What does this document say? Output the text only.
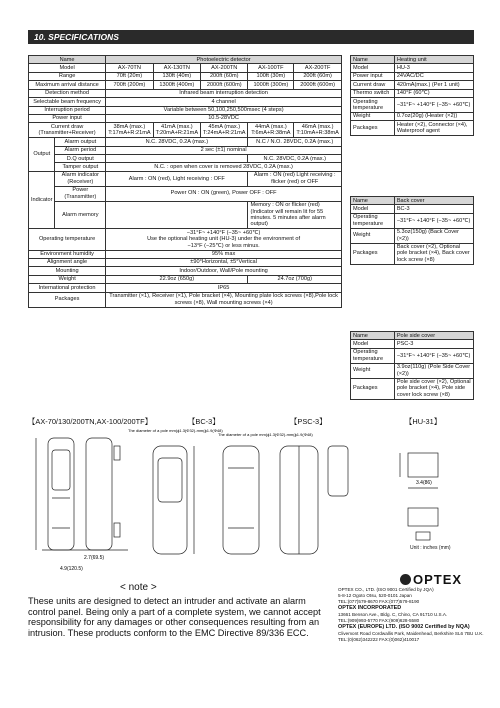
10. SPECIFICATIONS
Name		Photoelectric detector				
Model		AX-70TN	AX-130TN	AX-200TN	AX-100TF	AX-200TF
Range		70ft (20m)	130ft (40m)	200ft (60m)	100ft (30m)	200ft (60m)
Maximum arrival distance		700ft (200m)	1300ft (400m)	2000ft (600m)	1000ft (300m)	2000ft (600m)
Detection method		Infrared beam interruption detection				
Selectable beam frequency		4 channel				
Interruption period		Variable between 50,100,250,500msec (4 steps)				
Power input		10.5-28VDC				
Current draw (Transmitter+Receiver)		38mA (max.) T:17mA+R:21mA	41mA (max.) T:20mA+R:21mA	45mA (max.) T:24mA+R:21mA	44mA (max.) T:6mA+R:38mA	46mA (max.) T:10mA+R:38mA
Output	Alarm output	N.C. 28VDC, 0.2A (max.)			N.C / N.O. 28VDC, 0.2A (max.)	
	Alarm period	2 sec (±1) nominal				
	D.Q output				N.C. 28VDC, 0.2A (max.)	
	Tamper output	N.C. : open when cover is removed 28VDC, 0.2A (max.)				
Indicator	Alarm indicator (Receiver)	Alarm : ON (red), Light receiving : OFF			Alarm : ON (red) Light receiving : flicker (red) or OFF	
	Power (Transmitter)	Power ON : ON (green), Power OFF : OFF				
	Alarm memory				Memory : ON or flicker (red) (Indicator will remain lit for 55 minutes. 5 minutes after alarm output)	
Operating temperature		−31°F~ +140°F (−35~ +60℃)
Use the optional heating unit (HU-3) under the environment of
−13°F (−25℃) or less minus.				

Environment humidity		95% max				
Alignment angle		±90°Horizontal, ±5°Vertical				
Mounting		Indoor/Outdoor, Wall/Pole mounting				
Weight		22.9oz (650g)			24.7oz (700g)	
International protection		IP65				
Packages		Transmitter (×1), Receiver (×1), Pole bracket (×4), Mounting plate lock screws (×8),Pole lock screws (×8), Wall mounting screws (×4)				
Name	Heating unit
Model	HU-3
Power input	24VAC/DC
Current draw	420mA(max.) (Per 1 unit)
Thermo switch	140°F (60℃)
Operating temperature	−31°F~ +140°F (−35~ +60℃)
Weight	0.7oz(20g) (Heater (×2))
Packages	Heater (×2), Connector (×4), Waterproof agent
Name	Back cover
Model	BC-3
Operating temperature	−31°F~ +140°F (−35~ +60℃)
Weight	5.3oz(150g) (Back Cover (×2))
Packages	Back cover (×2), Optional pole bracket (×4), Back cover lock screw (×8)
Name	Pole side cover
Model	PSC-3
Operating temperature	−31°F~ +140°F (−35~ +60℃)
Weight	3.9oz(110g) (Pole Side Cover (×2))
Packages	Pole side cover (×2), Optional pole bracket (×4), Pole side cover lock screw (×8)
【AX-70/130/200TN,AX-100/200TF】	【BC-3】	【PSC-3】	【HU-31】
The diameter of a pole mm(ϕ1.3(Φ32)-mm(ϕ1.9(Φ48)
The diameter of a pole mm(ϕ1.3(Φ32)-mm(ϕ1.9(Φ48)
4.9(120.5)
2.7(69.5)
3.4(86)
Unit : inches (mm)
< note >
These units are designed to detect an intruder and activate an alarm control panel. Being only a part of a complete system, we cannot accept responsibility for any damages or other consequences resulting from an intrusion. These products conform to the EMC Directive 89/336 ECC.
OPTEX
OPTEX CO., LTD. (ISO 9001 Certified by JQA)
5-8-12 Ogoto Otsu, 520-0101 Japan
TEL:(077)579-8670 FAX:(077)579-8190
OPTEX INCORPORATED
13661 Benson Ave., Bldg. C, Chino, CA 91710 U.S.A.
TEL:(909)993-5770 FAX:(909)628-5580
OPTEX (EUROPE) LTD. (ISO 9002 Certified by NQA)
Clivemont Road Cordwallis Park, Maidenhead, Berkshire SL6 7BU U.K.
TEL:(0)062)342222 FAX:(0)062)410017
